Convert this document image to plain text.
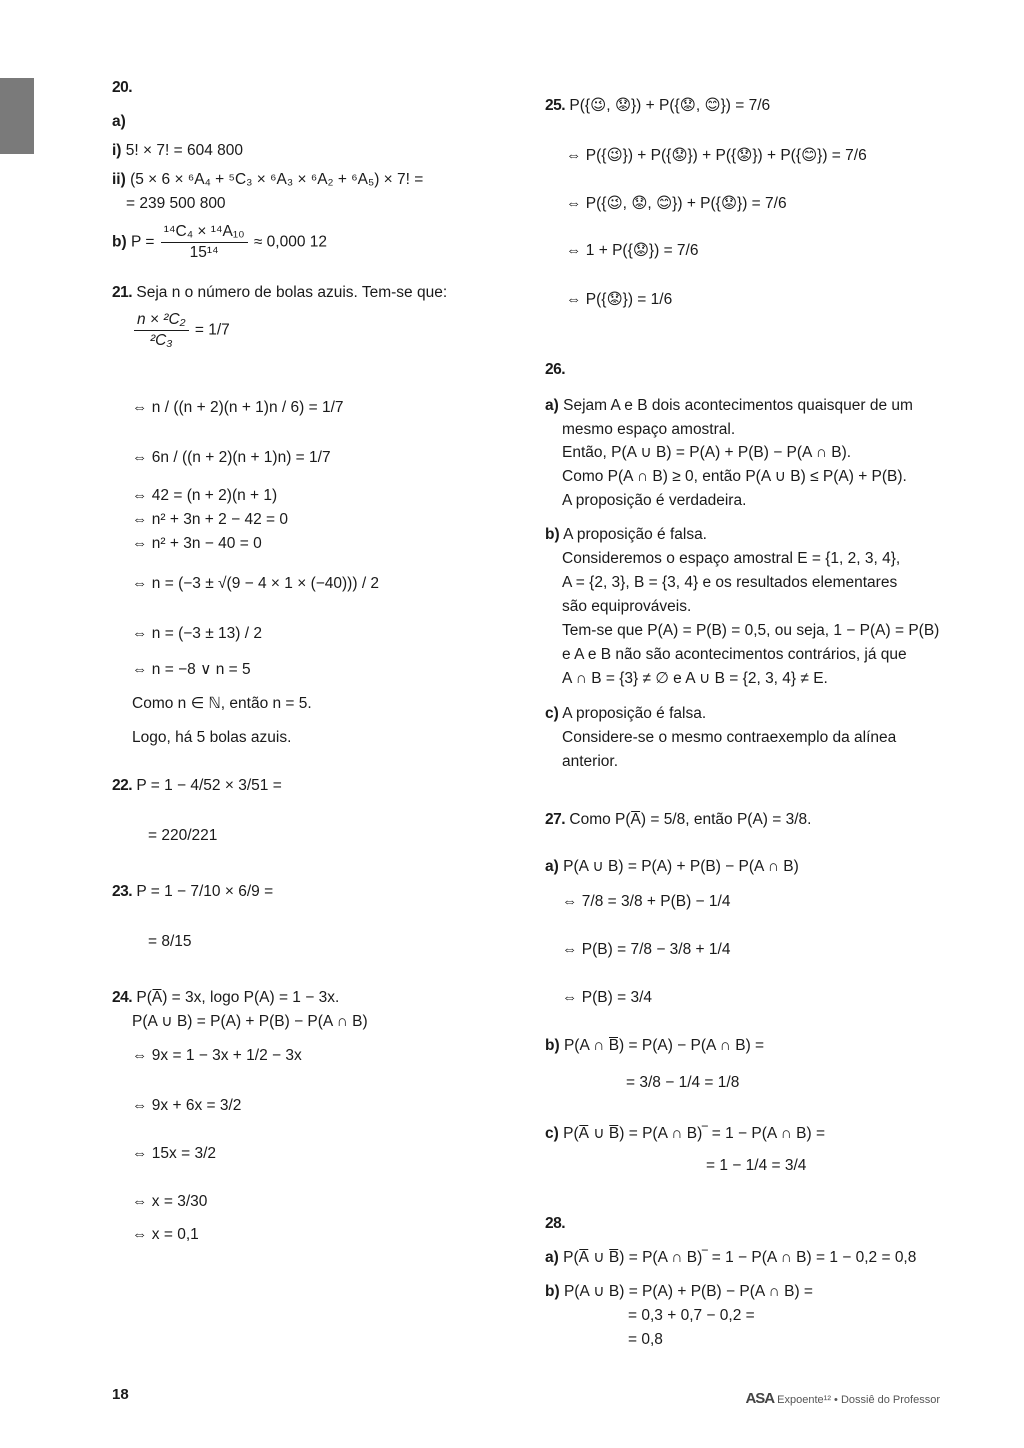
20.
a)
i) 5! × 7! = 604 800
ii) (5 × 6 × ⁶A₄ + ⁵C₃ × ⁶A₃ × ⁶A₂ + ⁶A₅) × 7! =
= 239 500 800
b) $P = \frac{\text{¹⁴C₄ × ¹⁴A₁₀}}{\text{15¹⁴}} \approx 0,000$ 12
21. Seja n o número de bolas azuis. Tem-se que:
$\frac{\text{n × ²C₂}}{\text{²C₃}} = 1/7$
⇔ n / ((n + 2)(n + 1)n / 6) = 1/7
⇔ 6n / ((n + 2)(n + 1)n) = 1/7
⇔ 42 = (n + 2)(n + 1)
⇔ n² + 3n + 2 − 42 = 0
⇔ n² + 3n − 40 = 0
⇔ n = (−3 ± √(9 − 4 × 1 × (−40))) / 2
⇔ n = (−3 ± 13) / 2
⇔ n = −8 ∨ n = 5
Como n ∈ ℕ, então n = 5.
Logo, há 5 bolas azuis.
22. P = 1 − 4/52 × 3/51 =
= 220/221
23. P = 1 − 7/10 × 6/9 =
= 8/15
24. P(A̅) = 3x, logo P(A) = 1 − 3x.
P(A ∪ B) = P(A) + P(B) − P(A ∩ B)
⇔ 9x = 1 − 3x + 1/2 − 3x
⇔ 9x + 6x = 3/2
⇔ 15x = 3/2
⇔ x = 3/30
⇔ x = 0,1
25. P({😉, 😟}) + P({😟, 😊}) = 7/6
⇔ P({😉}) + P({😟}) + P({😟}) + P({😊}) = 7/6
⇔ P({😉, 😟, 😊}) + P({😟}) = 7/6
⇔ 1 + P({😟}) = 7/6
⇔ P({😟}) = 1/6
26.
a) Sejam A e B dois acontecimentos quaisquer de um
mesmo espaço amostral.
Então, P(A ∪ B) = P(A) + P(B) − P(A ∩ B).
Como P(A ∩ B) ≥ 0, então P(A ∪ B) ≤ P(A) + P(B).
A proposição é verdadeira.
b) A proposição é falsa.
Consideremos o espaço amostral E = {1, 2, 3, 4},
A = {2, 3}, B = {3, 4} e os resultados elementares
são equiprováveis.
Tem-se que P(A) = P(B) = 0,5, ou seja, 1 − P(A) = P(B)
e A e B não são acontecimentos contrários, já que
A ∩ B = {3} ≠ ∅ e A ∪ B = {2, 3, 4} ≠ E.
c) A proposição é falsa.
Considere-se o mesmo contraexemplo da alínea
anterior.
27. Como P(A̅) = 5/8, então P(A) = 3/8.
a) P(A ∪ B) = P(A) + P(B) − P(A ∩ B)
⇔ 7/8 = 3/8 + P(B) − 1/4
⇔ P(B) = 7/8 − 3/8 + 1/4
⇔ P(B) = 3/4
b) P(A ∩ B̅) = P(A) − P(A ∩ B) =
= 3/8 − 1/4 = 1/8
c) P(A̅ ∪ B̅) = P(A ∩ B)‾ = 1 − P(A ∩ B) =
= 1 − 1/4 = 3/4
28.
a) P(A̅ ∪ B̅) = P(A ∩ B)‾ = 1 − P(A ∩ B) = 1 − 0,2 = 0,8
b) P(A ∪ B) = P(A) + P(B) − P(A ∩ B) =
= 0,3 + 0,7 − 0,2 =
= 0,8
18	ASA Expoente¹² • Dossiê do Professor
